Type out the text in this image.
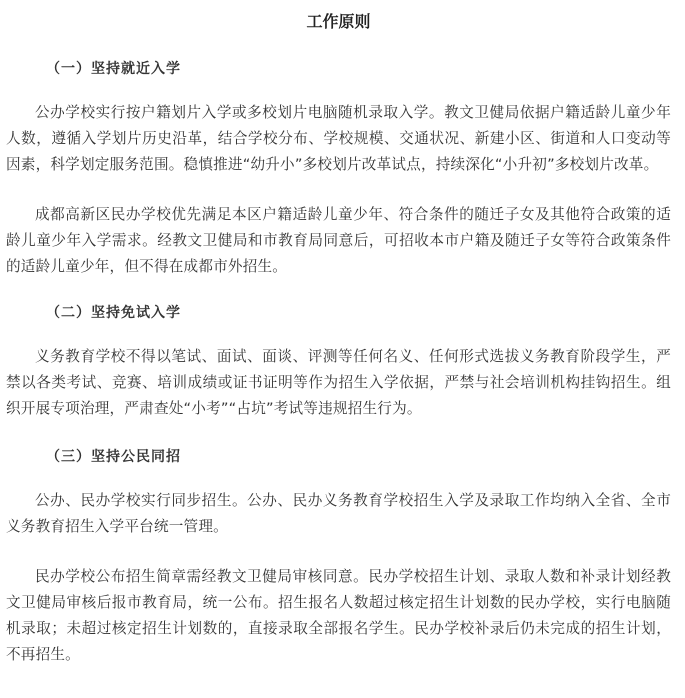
工作原则
（一）坚持就近入学

公办学校实行按户籍划片入学或多校划片电脑随机录取入学。教文卫健局依据户籍适龄儿童少年人数，遵循入学划片历史沿革，结合学校分布、学校规模、交通状况、新建小区、街道和人口变动等因素，科学划定服务范围。稳慎推进“幼升小”多校划片改革试点，持续深化“小升初”多校划片改革。

成都高新区民办学校优先满足本区户籍适龄儿童少年、符合条件的随迁子女及其他符合政策的适龄儿童少年入学需求。经教文卫健局和市教育局同意后，可招收本市户籍及随迁子女等符合政策条件的适龄儿童少年，但不得在成都市外招生。

（二）坚持免试入学

义务教育学校不得以笔试、面试、面谈、评测等任何名义、任何形式选拔义务教育阶段学生，严禁以各类考试、竞赛、培训成绩或证书证明等作为招生入学依据，严禁与社会培训机构挂钩招生。组织开展专项治理，严肃查处“小考”“占坑”考试等违规招生行为。

（三）坚持公民同招

公办、民办学校实行同步招生。公办、民办义务教育学校招生入学及录取工作均纳入全省、全市义务教育招生入学平台统一管理。

民办学校公布招生简章需经教文卫健局审核同意。民办学校招生计划、录取人数和补录计划经教文卫健局审核后报市教育局，统一公布。招生报名人数超过核定招生计划数的民办学校，实行电脑随机录取；未超过核定招生计划数的，直接录取全部报名学生。民办学校补录后仍未完成的招生计划，不再招生。
